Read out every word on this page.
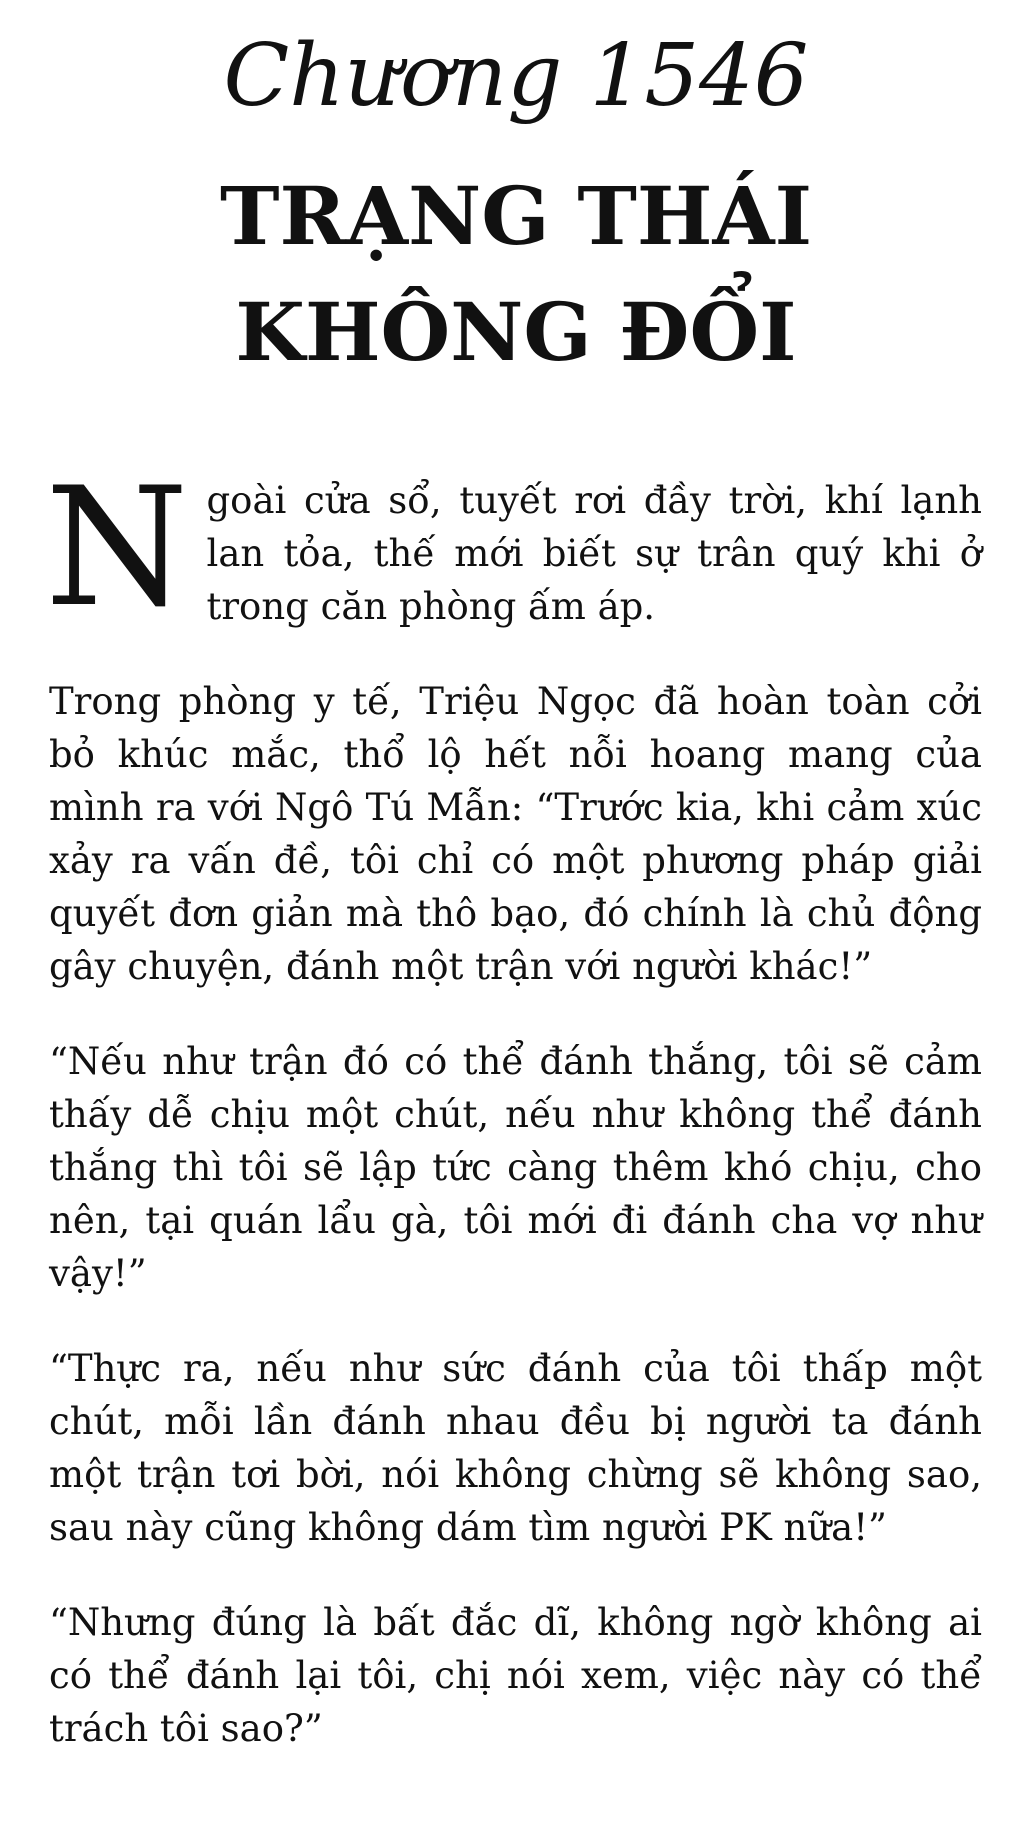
Chương 1546
TRẠNG THÁI
KHÔNG ĐỔI

N goài cửa sổ, tuyết rơi đầy trời, khí lạnh lan tỏa, thế mới biết sự trân quý khi ở trong căn phòng ấm áp.

Trong phòng y tế, Triệu Ngọc đã hoàn toàn cởi bỏ khúc mắc, thổ lộ hết nỗi hoang mang của mình ra với Ngô Tú Mẫn: “Trước kia, khi cảm xúc xảy ra vấn đề, tôi chỉ có một phương pháp giải quyết đơn giản mà thô bạo, đó chính là chủ động gây chuyện, đánh một trận với người khác!”

“Nếu như trận đó có thể đánh thắng, tôi sẽ cảm thấy dễ chịu một chút, nếu như không thể đánh thắng thì tôi sẽ lập tức càng thêm khó chịu, cho nên, tại quán lẩu gà, tôi mới đi đánh cha vợ như vậy!”

“Thực ra, nếu như sức đánh của tôi thấp một chút, mỗi lần đánh nhau đều bị người ta đánh một trận tơi bời, nói không chừng sẽ không sao, sau này cũng không dám tìm người PK nữa!”

“Nhưng đúng là bất đắc dĩ, không ngờ không ai có thể đánh lại tôi, chị nói xem, việc này có thể trách tôi sao?”
